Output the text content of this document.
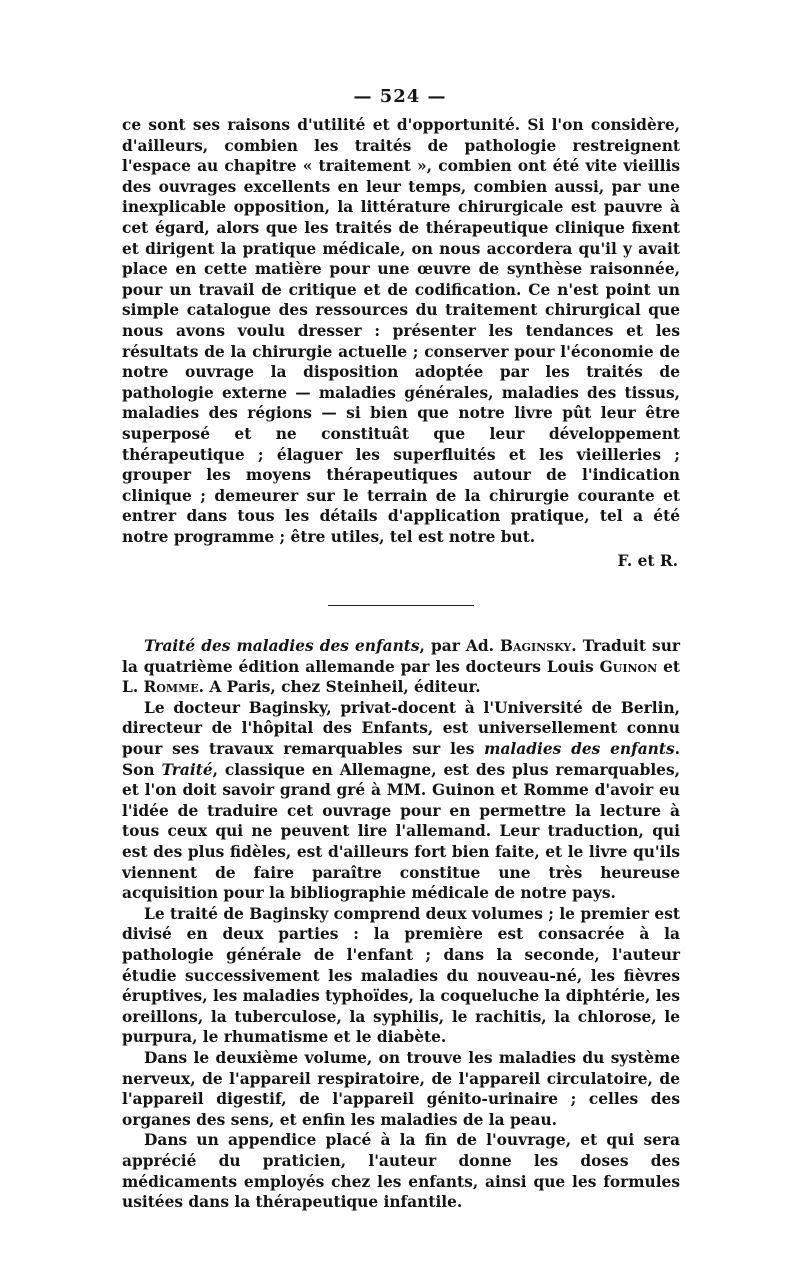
— 524 —

ce sont ses raisons d'utilité et d'opportunité. Si l'on considère, d'ailleurs, combien les traités de pathologie restreignent l'espace au chapitre « traitement », combien ont été vite vieillis des ouvrages excellents en leur temps, combien aussi, par une inexplicable opposition, la littérature chirurgicale est pauvre à cet égard, alors que les traités de thérapeutique clinique fixent et dirigent la pratique médicale, on nous accordera qu'il y avait place en cette matière pour une œuvre de synthèse raisonnée, pour un travail de critique et de codification. Ce n'est point un simple catalogue des ressources du traitement chirurgical que nous avons voulu dresser : présenter les tendances et les résultats de la chirurgie actuelle ; conserver pour l'économie de notre ouvrage la disposition adoptée par les traités de pathologie externe — maladies générales, maladies des tissus, maladies des régions — si bien que notre livre pût leur être superposé et ne constituât que leur développement thérapeutique ; élaguer les superfluités et les vieilleries ; grouper les moyens thérapeutiques autour de l'indication clinique ; demeurer sur le terrain de la chirurgie courante et entrer dans tous les détails d'application pratique, tel a été notre programme ; être utiles, tel est notre but.

F. et R.

Traité des maladies des enfants, par Ad. Baginsky. Traduit sur la quatrième édition allemande par les docteurs Louis Guinon et L. Romme. A Paris, chez Steinheil, éditeur.

Le docteur Baginsky, privat-docent à l'Université de Berlin, directeur de l'hôpital des Enfants, est universellement connu pour ses travaux remarquables sur les maladies des enfants. Son Traité, classique en Allemagne, est des plus remarquables, et l'on doit savoir grand gré à MM. Guinon et Romme d'avoir eu l'idée de traduire cet ouvrage pour en permettre la lecture à tous ceux qui ne peuvent lire l'allemand. Leur traduction, qui est des plus fidèles, est d'ailleurs fort bien faite, et le livre qu'ils viennent de faire paraître constitue une très heureuse acquisition pour la bibliographie médicale de notre pays.

Le traité de Baginsky comprend deux volumes ; le premier est divisé en deux parties : la première est consacrée à la pathologie générale de l'enfant ; dans la seconde, l'auteur étudie successivement les maladies du nouveau-né, les fièvres éruptives, les maladies typhoïdes, la coqueluche la diphtérie, les oreillons, la tuberculose, la syphilis, le rachitis, la chlorose, le purpura, le rhumatisme et le diabète.

Dans le deuxième volume, on trouve les maladies du système nerveux, de l'appareil respiratoire, de l'appareil circulatoire, de l'appareil digestif, de l'appareil génito-urinaire ; celles des organes des sens, et enfin les maladies de la peau.

Dans un appendice placé à la fin de l'ouvrage, et qui sera apprécié du praticien, l'auteur donne les doses des médicaments employés chez les enfants, ainsi que les formules usitées dans la thérapeutique infantile.
